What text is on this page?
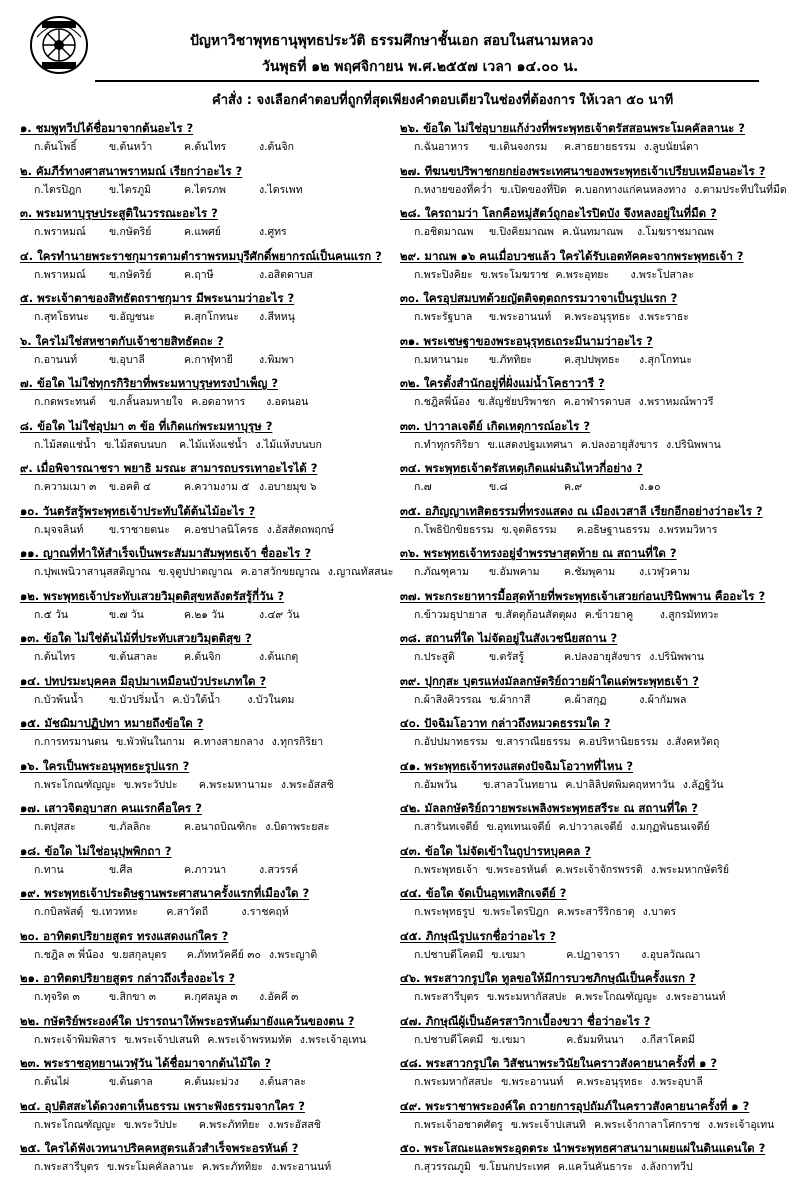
ปัญหาวิชาพุทธานุพุทธประวัติ ธรรมศึกษาชั้นเอก สอบในสนามหลวง
วันพุธที่ ๑๒ พฤศจิกายน พ.ศ.๒๕๕๗ เวลา ๑๔.๐๐ น.
คำสั่ง : จงเลือกคำตอบที่ถูกที่สุดเพียงคำตอบเดียวในช่องที่ต้องการ ให้เวลา ๕๐ นาที
๑. ชมพูทวีปได้ชื่อมาจากต้นอะไร ?
ก.ต้นโพธิ์	ข.ต้นหว้า	ค.ต้นไทร	ง.ต้นจิก
๒. คัมภีร์ทางศาสนาพราหมณ์ เรียกว่าอะไร ?
ก.ไตรปิฎก	ข.ไตรภูมิ	ค.ไตรภพ	ง.ไตรเพท
๓. พระมหาบุรุษประสูติในวรรณะอะไร ?
ก.พราหมณ์	ข.กษัตริย์	ค.แพศย์	ง.ศูทร
๔. ใครทำนายพระราชกุมารตามตำราพรหมบุรีศักดิ์พยากรณ์เป็นคนแรก ?
ก.พราหมณ์	ข.กษัตริย์	ค.ฤาษี	ง.อสิตดาบส
๕. พระเจ้าตาของสิทธัตถราชกุมาร มีพระนามว่าอะไร ?
ก.สุทโธทนะ	ข.อัญชนะ	ค.สุกโกทนะ	ง.สีหหนุ
๖. ใครไม่ใช่สหชาตกับเจ้าชายสิทธัตถะ ?
ก.อานนท์	ข.อุบาลี	ค.กาฬุทายี	ง.พิมพา
๗. ข้อใด ไม่ใช่ทุกรกิริยาที่พระมหาบุรุษทรงบำเพ็ญ ?
ก.กดพระทนต์	ข.กลั้นลมหายใจ ค.อดอาหาร	ง.อดนอน
๘. ข้อใด ไม่ใช่อุปมา ๓ ข้อ ที่เกิดแก่พระมหาบุรุษ ?
ก.ไม้สดแช่น้ำ ข.ไม้สดบนบก	ค.ไม้แห้งแช่น้ำ ง.ไม้แห้งบนบก
๙. เมื่อพิจารณาชรา พยาธิ มรณะ สามารถบรรเทาอะไรได้ ?
ก.ความเมา ๓	ข.อคติ ๔	ค.ความงาม ๕ ง.อบายมุข ๖
๑๐. วันตรัสรู้พระพุทธเจ้าประทับใต้ต้นไม้อะไร ?
ก.มุจจลินท์	ข.ราชายตนะ	ค.อชปาลนิโครธ ง.อัสสัตถพฤกษ์
๑๑. ญาณที่ทำให้สำเร็จเป็นพระสัมมาสัมพุทธเจ้า ชื่ออะไร ?
ก.ปุพเพนิวาสานุสสติญาณ ข.จุตูปปาตญาณ ค.อาสวักขยญาณ ง.ญาณทัสสนะ
๑๒. พระพุทธเจ้าประทับเสวยวิมุตติสุขหลังตรัสรู้กี่วัน ?
ก.๕ วัน	ข.๗ วัน	ค.๒๑ วัน	ง.๔๙ วัน
๑๓. ข้อใด ไม่ใช่ต้นไม้ที่ประทับเสวยวิมุตติสุข ?
ก.ต้นไทร	ข.ต้นสาละ	ค.ต้นจิก	ง.ต้นเกตุ
๑๔. ปทปรมะบุคคล มีอุปมาเหมือนบัวประเภทใด ?
ก.บัวพ้นน้ำ	ข.บัวปริ่มน้ำ ค.บัวใต้น้ำ	ง.บัวในตม
๑๕. มัชฌิมาปฏิปทา หมายถึงข้อใด ?
ก.การทรมานตน ข.พัวพันในกาม ค.ทางสายกลาง ง.ทุกรกิริยา
๑๖. ใครเป็นพระอนุพุทธะรูปแรก ?
ก.พระโกณฑัญญะ ข.พระวัปปะ	ค.พระมหานามะ ง.พระอัสสชิ
๑๗. เสาวจิตอุบาสก คนแรกคือใคร ?
ก.ตปุสสะ	ข.ภัลลิกะ	ค.อนาถบิณฑิกะ ง.บิดาพระยสะ
๑๘. ข้อใด ไม่ใช่อนุปุพพิกถา ?
ก.ทาน	ข.ศีล	ค.ภาวนา	ง.สวรรค์
๑๙. พระพุทธเจ้าประดิษฐานพระศาสนาครั้งแรกที่เมืองใด ?
ก.กบิลพัสดุ์ ข.เทวทหะ	ค.สาวัตถี	ง.ราชคฤห์
๒๐. อาทิตตปริยายสูตร ทรงแสดงแก่ใคร ?
ก.ชฎิล ๓ พี่น้อง ข.ยสกุลบุตร	ค.ภัททวัคคีย์ ๓๐ ง.พระญาติ
๒๑. อาทิตตปริยายสูตร กล่าวถึงเรื่องอะไร ?
ก.ทุจริต ๓	ข.สิกขา ๓	ค.กุศลมูล ๓	ง.อัคคี ๓
๒๒. กษัตริย์พระองค์ใด ปรารถนาให้พระอรหันต์มายังแคว้นของตน ?
ก.พระเจ้าพิมพิสาร ข.พระเจ้าปเสนทิ ค.พระเจ้าพรหมทัต ง.พระเจ้าอุเทน
๒๓. พระราชอุทยานเวฬุวัน ได้ชื่อมาจากต้นไม้ใด ?
ก.ต้นไผ่	ข.ต้นตาล	ค.ต้นมะม่วง	ง.ต้นสาละ
๒๔. อุปติสสะได้ดวงตาเห็นธรรม เพราะฟังธรรมจากใคร ?
ก.พระโกณฑัญญะ ข.พระวัปปะ	ค.พระภัททิยะ ง.พระอัสสชิ
๒๕. ใครได้ฟังเวทนาปริคคหสูตรแล้วสำเร็จพระอรหันต์ ?
ก.พระสารีบุตร ข.พระโมคคัลลานะ ค.พระภัททิยะ ง.พระอานนท์
๒๖. ข้อใด ไม่ใช่อุบายแก้ง่วงที่พระพุทธเจ้าตรัสสอนพระโมคคัลลานะ ?
ก.ฉันอาหาร	ข.เดินจงกรม	ค.สาธยายธรรม ง.ลูบนัยน์ตา
๒๗. ทีฆนขปริพาชกยกย่องพระเทศนาของพระพุทธเจ้าเปรียบเหมือนอะไร ?
ก.หงายของที่คว่ำ ข.เปิดของที่ปิด ค.บอกทางแก่คนหลงทาง ง.ตามประทีปในที่มืด
๒๘. ใครถามว่า โลกคือหมู่สัตว์ถูกอะไรปิดบัง จึงหลงอยู่ในที่มืด ?
ก.อชิตมาณพ	ข.ปิงคิยมาณพ ค.นันทมาณพ	ง.โมฆราชมาณพ
๒๙. มาณพ ๑๖ คนเมื่อบวชแล้ว ใครได้รับเอตทัคคะจากพระพุทธเจ้า ?
ก.พระปิงคิยะ ข.พระโมฆราช ค.พระอุทยะ	ง.พระโปสาละ
๓๐. ใครอุปสมบทด้วยญัตติจตุตถกรรมวาจาเป็นรูปแรก ?
ก.พระรัฐบาล	ข.พระอานนท์	ค.พระอนุรุทธะ ง.พระราธะ
๓๑. พระเชษฐาของพระอนุรุทธเถระมีนามว่าอะไร ?
ก.มหานามะ	ข.ภัททิยะ	ค.สุปปพุทธะ	ง.สุกโกทนะ
๓๒. ใครตั้งสำนักอยู่ที่ฝั่งแม่น้ำโคธาวารี ?
ก.ชฎิลพี่น้อง ข.สัญชัยปริพาชก ค.อาฬารดาบส ง.พราหมณ์พาวรี
๓๓. ปาวาลเจดีย์ เกิดเหตุการณ์อะไร ?
ก.ทำทุกรกิริยา ข.แสดงปฐมเทศนา ค.ปลงอายุสังขาร ง.ปรินิพพาน
๓๔. พระพุทธเจ้าตรัสเหตุเกิดแผ่นดินไหวกี่อย่าง ?
ก.๗	ข.๘	ค.๙	ง.๑๐
๓๕. อภิญญาเทสิตธรรมที่ทรงแสดง ณ เมืองเวสาลี เรียกอีกอย่างว่าอะไร ?
ก.โพธิปักขิยธรรม ข.จุตติธรรม	ค.อธิษฐานธรรม ง.พรหมวิหาร
๓๖. พระพุทธเจ้าทรงอยู่จำพรรษาสุดท้าย ณ สถานที่ใด ?
ก.ภัณฑุคาม	ข.อัมพคาม	ค.ชัมพุคาม	ง.เวฬุวคาม
๓๗. พระกระยาหารมื้อสุดท้ายที่พระพุทธเจ้าเสวยก่อนปรินิพพาน คืออะไร ?
ก.ข้าวมธุปายาส ข.สัตตุก้อนสัตตุผง ค.ข้าวยาคู	ง.สูกรมัททวะ
๓๘. สถานที่ใด ไม่จัดอยู่ในสังเวชนียสถาน ?
ก.ประสูติ	ข.ตรัสรู้	ค.ปลงอายุสังขาร ง.ปรินิพพาน
๓๙. ปุกกุสะ บุตรแห่งมัลลกษัตริย์ถวายผ้าใดแด่พระพุทธเจ้า ?
ก.ผ้าสิงคิวรรณ ข.ผ้ากาสี	ค.ผ้าสกุฏ	ง.ผ้ากัมพล
๔๐. ปัจฉิมโอวาท กล่าวถึงหมวดธรรมใด ?
ก.อัปปมาทธรรม ข.สาราณียธรรม ค.อปริหานิยธรรม ง.สังคหวัตถุ
๔๑. พระพุทธเจ้าทรงแสดงปัจฉิมโอวาทที่ไหน ?
ก.อัมพวัน	ข.สาลวโนทยาน ค.ปาลิลิปตพิมคฤหทาวัน ง.ลัฏฐิวัน
๔๒. มัลลกษัตริย์ถวายพระเพลิงพระพุทธสรีระ ณ สถานที่ใด ?
ก.สารันทเจดีย์ ข.อุทเทนเจดีย์ ค.ปาวาลเจดีย์ ง.มกุฏพันธนเจดีย์
๔๓. ข้อใด ไม่จัดเข้าในถูปารหบุคคล ?
ก.พระพุทธเจ้า ข.พระอรหันต์ ค.พระเจ้าจักรพรรดิ ง.พระมหากษัตริย์
๔๔. ข้อใด จัดเป็นอุทเทสิกเจดีย์ ?
ก.พระพุทธรูป ข.พระไตรปิฎก ค.พระสารีริกธาตุ ง.บาตร
๔๕. ภิกษุณีรูปแรกชื่อว่าอะไร ?
ก.ปชาบดีโคตมี ข.เขมา	ค.ปฏาจารา	ง.อุบลวัณณา
๔๖. พระสาวกรูปใด ทูลขอให้มีการบวชภิกษุณีเป็นครั้งแรก ?
ก.พระสารีบุตร ข.พระมหากัสสปะ ค.พระโกณฑัญญะ ง.พระอานนท์
๔๗. ภิกษุณีผู้เป็นอัครสาวิกาเบื้องขวา ชื่อว่าอะไร ?
ก.ปชาบดีโคตมี ข.เขมา	ค.ธัมมทินนา	ง.กีสาโคตมี
๔๘. พระสาวกรูปใด วิสัชนาพระวินัยในคราวสังคายนาครั้งที่ ๑ ?
ก.พระมหากัสสปะ ข.พระอานนท์	ค.พระอนุรุทธะ ง.พระอุบาลี
๔๙. พระราชาพระองค์ใด ถวายการอุปถัมภ์ในคราวสังคายนาครั้งที่ ๑ ?
ก.พระเจ้าอชาตศัตรู ข.พระเจ้าปเสนทิ ค.พระเจ้ากาลาโศกราช ง.พระเจ้าอุเทน
๕๐. พระโสณะและพระอุตตระ นำพระพุทธศาสนามาเผยแผ่ในดินแดนใด ?
ก.สุวรรณภูมิ ข.โยนกประเทศ ค.แคว้นคันธาระ ง.ลังกาทวีป
